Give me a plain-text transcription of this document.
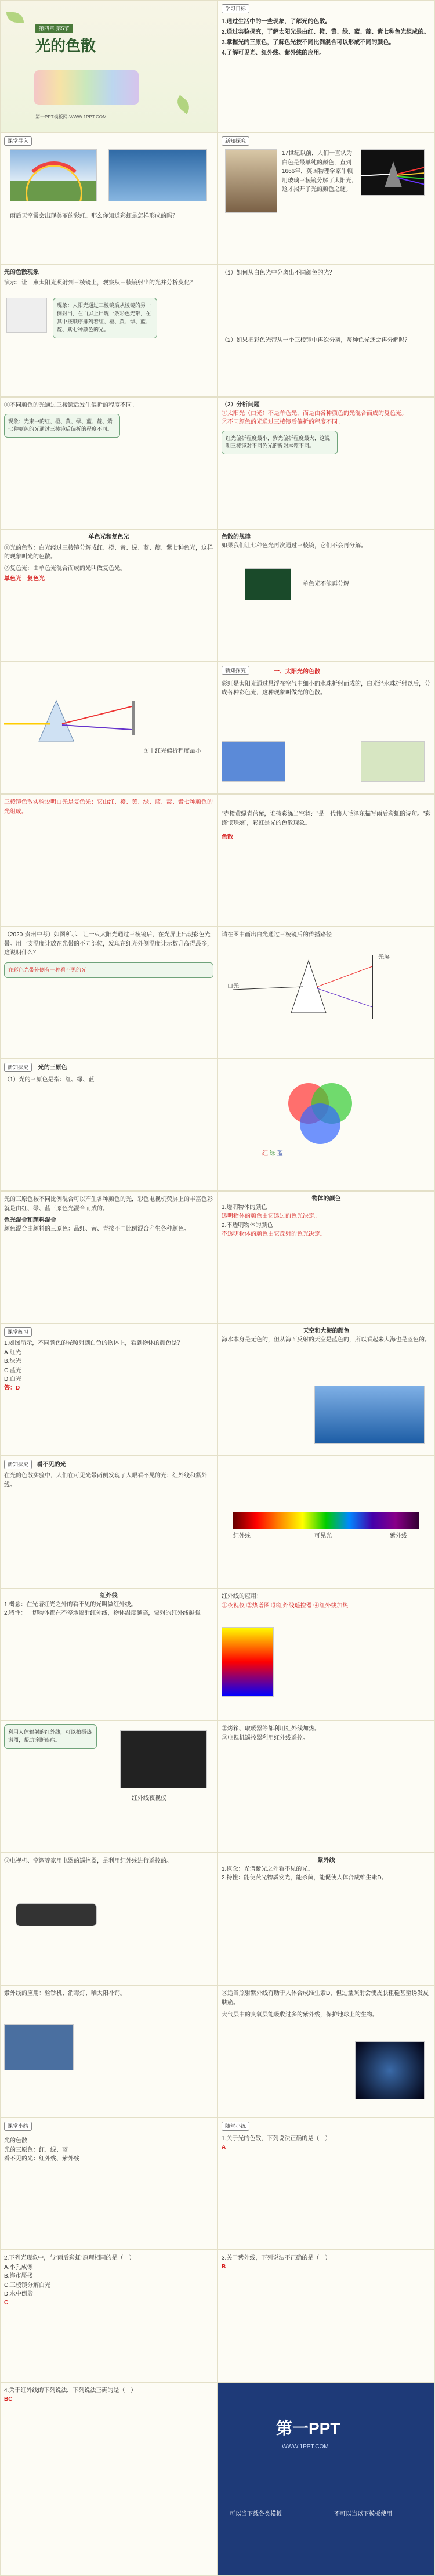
第四章 第5节
光的色散
第一PPT模板网-WWW.1PPT.COM
学习目标
1.通过生活中的一些现象，了解光的色散。
2.通过实验探究，了解太阳光是由红、橙、黄、绿、蓝、靛、紫七种色光组成的。
3.掌握光的三原色，了解色光按不同比例混合可以形成不同的颜色。
4.了解可见光、红外线、紫外线的应用。
课堂导入
雨后天空常会出现美丽的彩虹。那么你知道彩虹是怎样形成的吗？
新知探究
17世纪以前，人们一直认为白色是最单纯的颜色，直到1666年，英国物理学家牛顿用玻璃三棱镜分解了太阳光，这才揭开了光的颜色之谜。
光的色散现象
演示：让一束太阳光照射到三棱镜上，观察从三棱镜射出的光并分析变化？
现象：太阳光通过三棱镜后从棱镜的另一侧射出，在白屏上出现一条彩色光带，在其中按顺序排列着红、橙、黄、绿、蓝、靛、紫七种颜色的光。
（1）如何从白色光中分离出不同颜色的光？
（2）如果把彩色光带从一个三棱镜中再次分离，每种色光还会再分解吗？
①不同颜色的光通过三棱镜后发生偏折的程度不同。
现象：光束中的红、橙、黄、绿、蓝、靛、紫七种颜色的光通过三棱镜后偏折的程度不同。
（2）分析问题
①太阳光（白光）不是单色光，而是由各种颜色的光混合而成的复色光。
②不同颜色的光通过三棱镜后偏折的程度不同。
红光偏折程度最小，紫光偏折程度最大，这说明三棱镜对不同色光的折射本领不同。
单色光和复色光
①光的色散：白光经过三棱镜分解成红、橙、黄、绿、蓝、靛、紫七种色光，这样的现象叫光的色散。
②复色光：由单色光混合而成的光叫做复色光。
单色光　 复色光
色散的规律
如果我们让七种色光再次通过三棱镜，它们不会再分解。
单色光不能再分解
图中红光偏折程度最小
新知探究	一、太阳光的色散
彩虹是太阳光通过悬浮在空气中细小的水珠折射而成的，白光经水珠折射以后，分成各种彩色光，这种现象叫做光的色散。
三棱镜色散实验说明白光是复色光；它由红、橙、黄、绿、蓝、靛、紫七种颜色的光组成。	"赤橙黄绿青蓝紫，谁持彩练当空舞？"是一代伟人毛泽东描写雨后彩虹的诗句。"彩练"即彩虹，彩虹是光的色散现象。
色散
（2020·贵州中考）如图所示，让一束太阳光通过三棱镜后，在光屏上出现彩色光带。用一支温度计放在光带的不同部位，发现在红光外侧温度计示数升高得最多，这说明什么？
在彩色光带外侧有一种看不见的光
请在图中画出白光通过三棱镜后的传播路径
白光
光屏
新知探究 光的三原色
（1）光的三原色是指：红、绿、蓝
红 绿 蓝
光的三原色按不同比例混合可以产生各种颜色的光，彩色电视机荧屏上的丰富色彩就是由红、绿、蓝三原色光混合而成的。
色光混合和颜料混合
颜色混合由颜料的三原色：品红、黄、青按不同比例混合产生各种颜色。
物体的颜色
1.透明物体的颜色
透明物体的颜色由它透过的色光决定。
2.不透明物体的颜色
不透明物体的颜色由它反射的色光决定。
课堂练习
1.如图所示，不同颜色的光照射到白色的物体上，看到物体的颜色是？
A.红光
B.绿光
C.蓝光
D.白光
答：D
天空和大海的颜色
海水本身是无色的，但从海面反射的天空是蓝色的，所以看起来大海也是蓝色的。
新知探究 看不见的光
在光的色散实验中，人们在可见光带两侧发现了人眼看不见的光：红外线和紫外线。
红外线	可见光	紫外线
红外线
1.概念：在光谱红光之外的看不见的光叫做红外线。
2.特性：一切物体都在不停地辐射红外线，物体温度越高，辐射的红外线越强。
红外线的应用：
①夜视仪 ②热谱图 ③红外线遥控器 ④红外线加热
利用人体辐射的红外线，可以拍摄热谱图，帮助诊断疾病。
红外线夜视仪
②烤箱、取暖器等都利用红外线加热。
③电视机遥控器利用红外线遥控。
③电视机、空调等家用电器的遥控器，是利用红外线进行遥控的。	紫外线
1.概念：光谱紫光之外看不见的光。
2.特性：能使荧光物质发光，能杀菌，能促使人体合成维生素D。
紫外线的应用：验钞机、消毒灯、晒太阳补钙。	③适当照射紫外线有助于人体合成维生素D，但过量照射会使皮肤粗糙甚至诱发皮肤癌。
大气层中的臭氧层能吸收过多的紫外线，保护地球上的生物。
课堂小结
光的色散
光的三原色：红、绿、蓝
看不见的光：红外线、紫外线
随堂小练
1.关于光的色散，下列说法正确的是（　）
A
2.下列光现象中，与"雨后彩虹"原理相同的是（　）
A.小孔成像
B.海市蜃楼
C.三棱镜分解白光
D.水中倒影
C
3.关于紫外线，下列说法不正确的是（　）
B
4.关于红外线的下列说法，下列说法正确的是（　）
BC
第一PPT
WWW.1PPT.COM
可以当下载各类模板	不可以当以下模板使用
